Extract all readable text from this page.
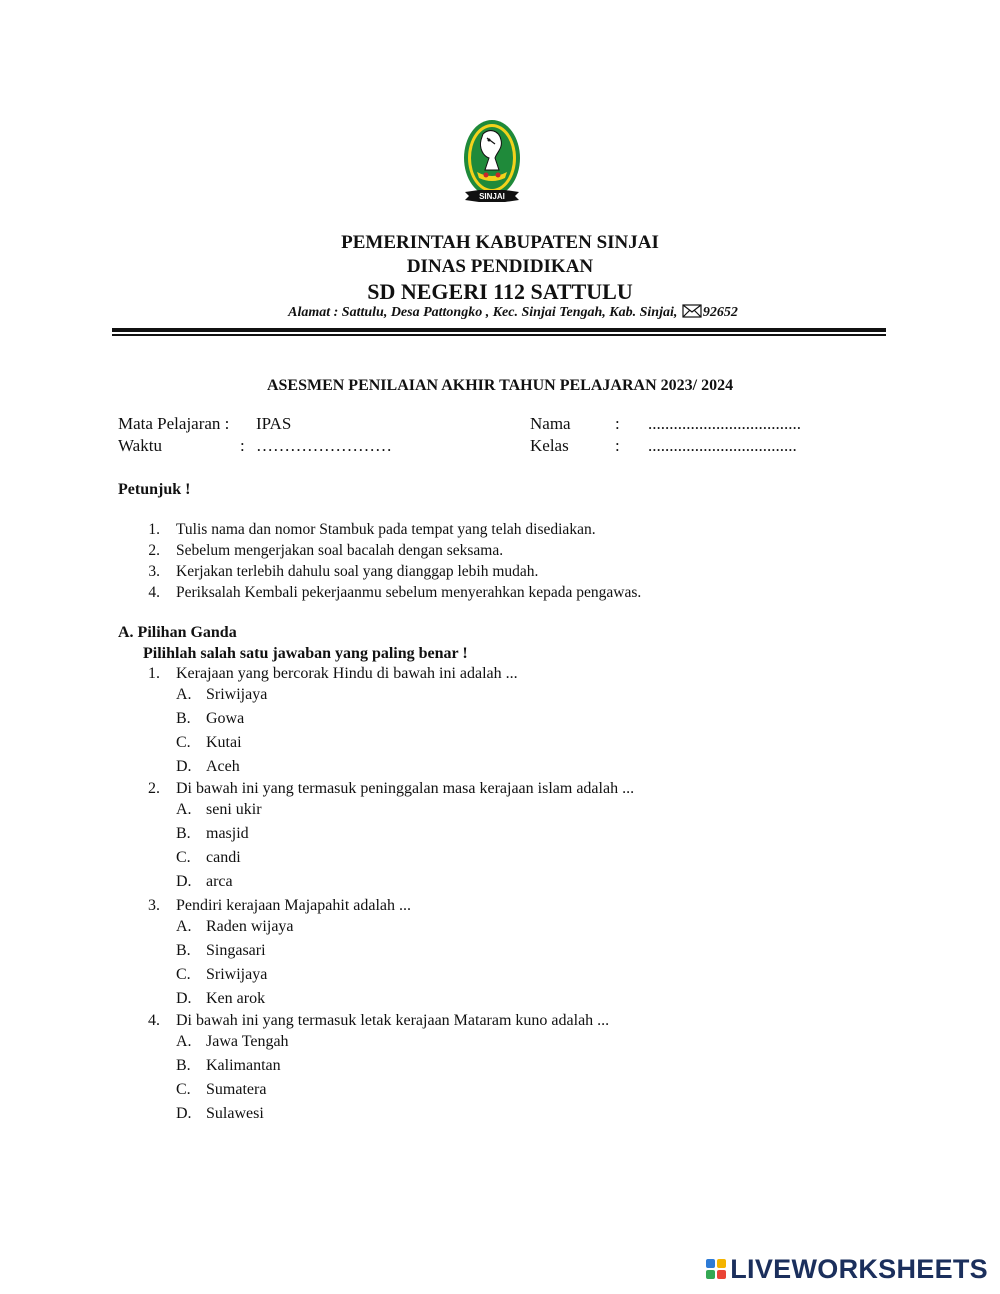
SINJAI
PEMERINTAH KABUPATEN SINJAI
DINAS PENDIDIKAN
SD NEGERI 112 SATTULU
Alamat : Sattulu, Desa Pattongko , Kec. Sinjai Tengah, Kab. Sinjai, 92652
ASESMEN PENILAIAN AKHIR TAHUN PELAJARAN 2023/ 2024
Mata Pelajaran : IPAS
Waktu	: ……………………
Nama	: ....................................
Kelas	: ...................................
Petunjuk !
1. Tulis nama dan nomor Stambuk pada tempat yang telah disediakan.
2. Sebelum mengerjakan soal bacalah dengan seksama.
3. Kerjakan terlebih dahulu soal yang dianggap lebih mudah.
4. Periksalah Kembali pekerjaanmu sebelum menyerahkan kepada pengawas.
A. Pilihan Ganda
Pilihlah salah satu jawaban yang paling benar !
1. Kerajaan yang bercorak Hindu di bawah ini adalah ...
A. Sriwijaya
B. Gowa
C. Kutai
D. Aceh
2. Di bawah ini yang termasuk peninggalan masa kerajaan islam adalah ...
A. seni ukir
B. masjid
C. candi
D. arca
3. Pendiri kerajaan Majapahit adalah ...
A. Raden wijaya
B. Singasari
C. Sriwijaya
D. Ken arok
4. Di bawah ini yang termasuk letak kerajaan Mataram kuno adalah ...
A. Jawa Tengah
B. Kalimantan
C. Sumatera
D. Sulawesi
LIVEWORKSHEETS
